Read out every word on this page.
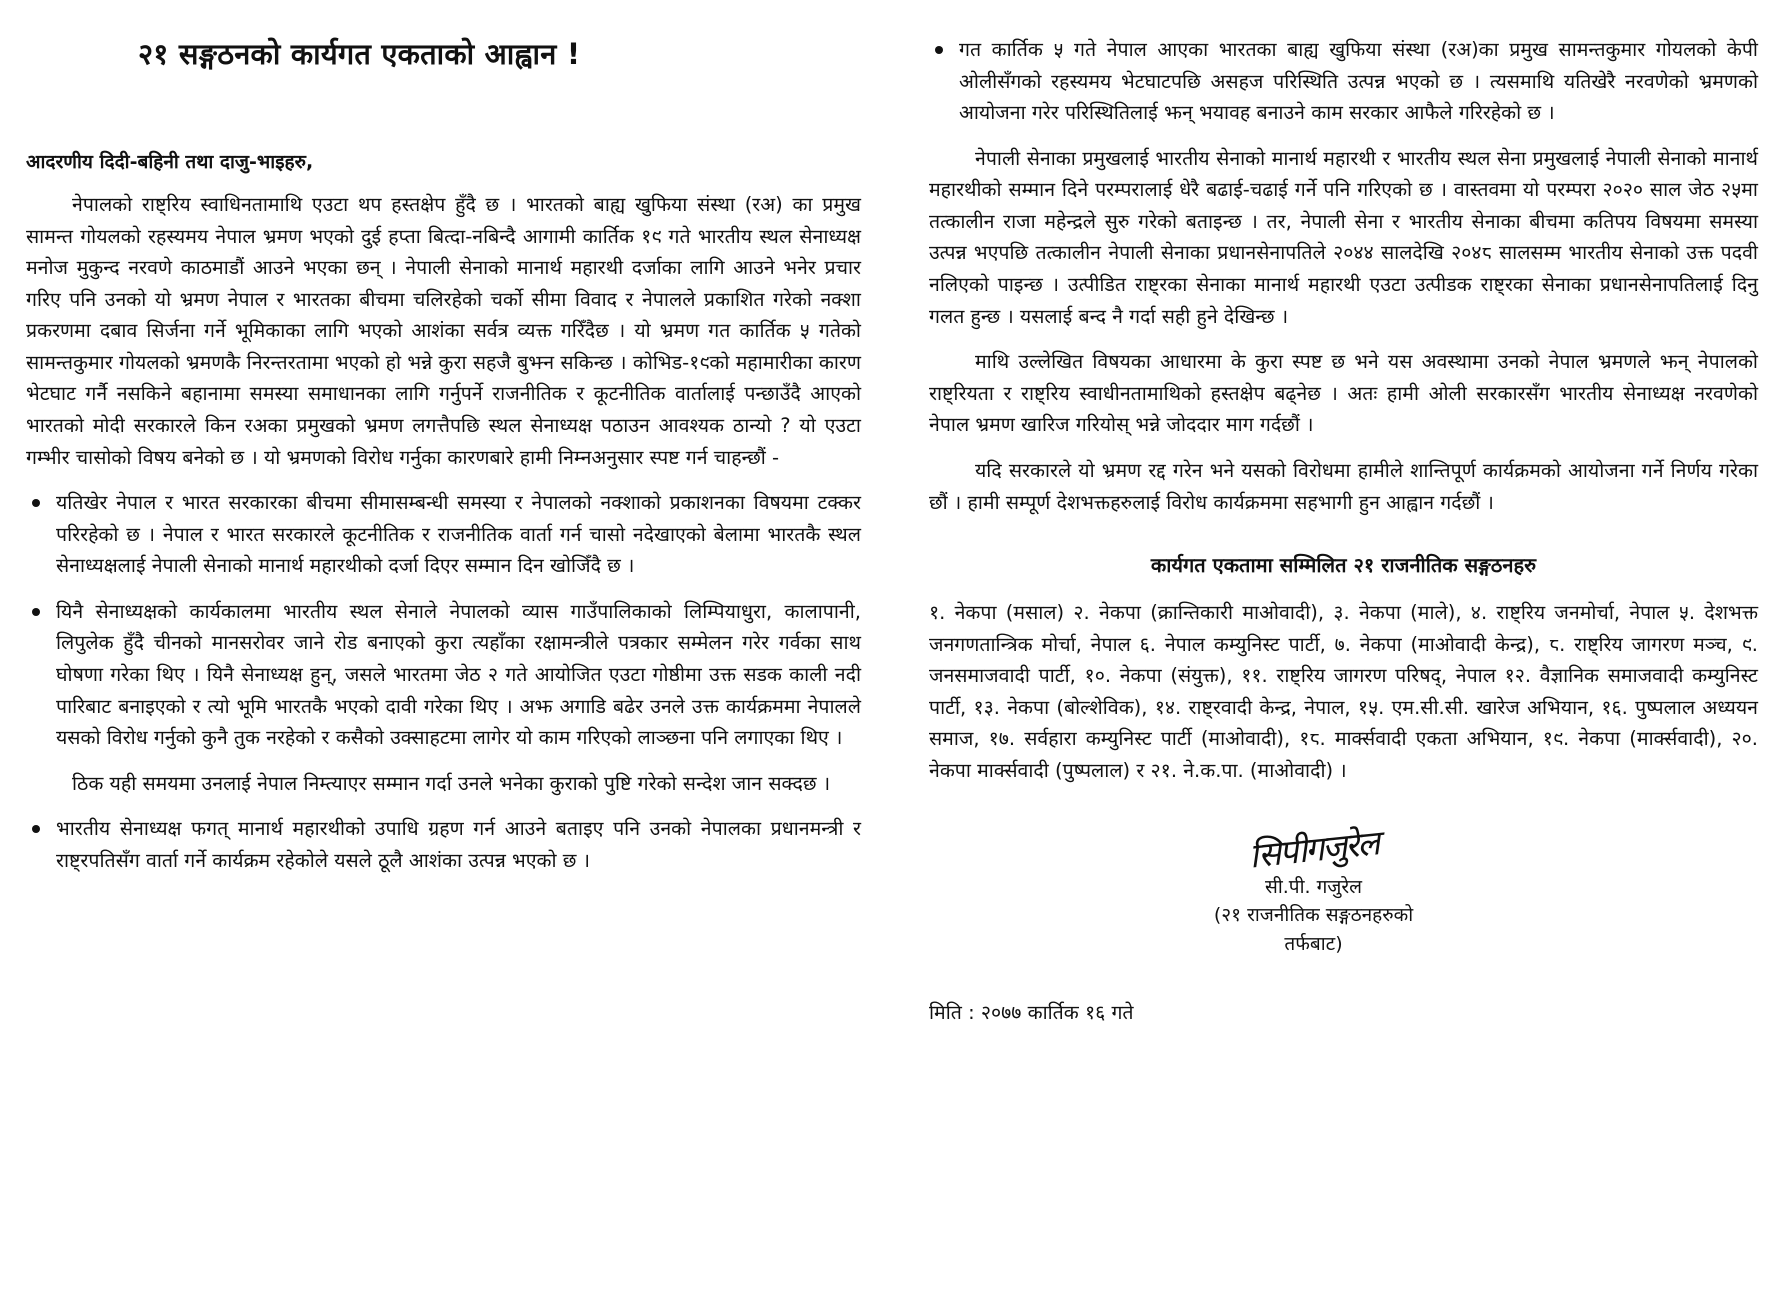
२१ सङ्गठनको कार्यगत एकताको आह्वान !

आदरणीय दिदी-बहिनी तथा दाजु-भाइहरु,

नेपालको राष्ट्रिय स्वाधिनतामाथि एउटा थप हस्तक्षेप हुँदै छ । भारतको बाह्य खुफिया संस्था (रअ) का प्रमुख सामन्त गोयलको रहस्यमय नेपाल भ्रमण भएको दुई हप्ता बित्दा-नबिन्दै आगामी कार्तिक १९ गते भारतीय स्थल सेनाध्यक्ष मनोज मुकुन्द नरवणे काठमाडौं आउने भएका छन् । नेपाली सेनाको मानार्थ महारथी दर्जाका लागि आउने भनेर प्रचार गरिए पनि उनको यो भ्रमण नेपाल र भारतका बीचमा चलिरहेको चर्को सीमा विवाद र नेपालले प्रकाशित गरेको नक्शा प्रकरणमा दबाव सिर्जना गर्ने भूमिकाका लागि भएको आशंका सर्वत्र व्यक्त गरिँदैछ । यो भ्रमण गत कार्तिक ५ गतेको सामन्तकुमार गोयलको भ्रमणकै निरन्तरतामा भएको हो भन्ने कुरा सहजै बुझ्न सकिन्छ । कोभिड-१९को महामारीका कारण भेटघाट गर्नै नसकिने बहानामा समस्या समाधानका लागि गर्नुपर्ने राजनीतिक र कूटनीतिक वार्तालाई पन्छाउँदै आएको भारतको मोदी सरकारले किन रअका प्रमुखको भ्रमण लगत्तैपछि स्थल सेनाध्यक्ष पठाउन आवश्यक ठान्यो ? यो एउटा गम्भीर चासोको विषय बनेको छ । यो भ्रमणको विरोध गर्नुका कारणबारे हामी निम्नअनुसार स्पष्ट गर्न चाहन्छौं -

यतिखेर नेपाल र भारत सरकारका बीचमा सीमासम्बन्धी समस्या र नेपालको नक्शाको प्रकाशनका विषयमा टक्कर परिरहेको छ । नेपाल र भारत सरकारले कूटनीतिक र राजनीतिक वार्ता गर्न चासो नदेखाएको बेलामा भारतकै स्थल सेनाध्यक्षलाई नेपाली सेनाको मानार्थ महारथीको दर्जा दिएर सम्मान दिन खोजिँदै छ ।
यिनै सेनाध्यक्षको कार्यकालमा भारतीय स्थल सेनाले नेपालको व्यास गाउँपालिकाको लिम्पियाधुरा, कालापानी, लिपुलेक हुँदै चीनको मानसरोवर जाने रोड बनाएको कुरा त्यहाँका रक्षामन्त्रीले पत्रकार सम्मेलन गरेर गर्वका साथ घोषणा गरेका थिए । यिनै सेनाध्यक्ष हुन्, जसले भारतमा जेठ २ गते आयोजित एउटा गोष्ठीमा उक्त सडक काली नदी पारिबाट बनाइएको र त्यो भूमि भारतकै भएको दावी गरेका थिए । अझ अगाडि बढेर उनले उक्त कार्यक्रममा नेपालले यसको विरोध गर्नुको कुनै तुक नरहेको र कसैको उक्साहटमा लागेर यो काम गरिएको लाञ्छना पनि लगाएका थिए ।

ठिक यही समयमा उनलाई नेपाल निम्त्याएर सम्मान गर्दा उनले भनेका कुराको पुष्टि गरेको सन्देश जान सक्दछ ।

भारतीय सेनाध्यक्ष फगत् मानार्थ महारथीको उपाधि ग्रहण गर्न आउने बताइए पनि उनको नेपालका प्रधानमन्त्री र राष्ट्रपतिसँग वार्ता गर्ने कार्यक्रम रहेकोले यसले ठूलै आशंका उत्पन्न भएको छ ।
गत कार्तिक ५ गते नेपाल आएका भारतका बाह्य खुफिया संस्था (रअ)का प्रमुख सामन्तकुमार गोयलको केपी ओलीसँगको रहस्यमय भेटघाटपछि असहज परिस्थिति उत्पन्न भएको छ । त्यसमाथि यतिखेरै नरवणेको भ्रमणको आयोजना गरेर परिस्थितिलाई झन् भयावह बनाउने काम सरकार आफैले गरिरहेको छ ।

नेपाली सेनाका प्रमुखलाई भारतीय सेनाको मानार्थ महारथी र भारतीय स्थल सेना प्रमुखलाई नेपाली सेनाको मानार्थ महारथीको सम्मान दिने परम्परालाई धेरै बढाई-चढाई गर्ने पनि गरिएको छ । वास्तवमा यो परम्परा २०२० साल जेठ २५मा तत्कालीन राजा महेन्द्रले सुरु गरेको बताइन्छ । तर, नेपाली सेना र भारतीय सेनाका बीचमा कतिपय विषयमा समस्या उत्पन्न भएपछि तत्कालीन नेपाली सेनाका प्रधानसेनापतिले २०४४ सालदेखि २०४८ सालसम्म भारतीय सेनाको उक्त पदवी नलिएको पाइन्छ । उत्पीडित राष्ट्रका सेनाका मानार्थ महारथी एउटा उत्पीडक राष्ट्रका सेनाका प्रधानसेनापतिलाई दिनु गलत हुन्छ । यसलाई बन्द नै गर्दा सही हुने देखिन्छ ।

माथि उल्लेखित विषयका आधारमा के कुरा स्पष्ट छ भने यस अवस्थामा उनको नेपाल भ्रमणले झन् नेपालको राष्ट्रियता र राष्ट्रिय स्वाधीनतामाथिको हस्तक्षेप बढ्नेछ । अतः हामी ओली सरकारसँग भारतीय सेनाध्यक्ष नरवणेको नेपाल भ्रमण खारिज गरियोस् भन्ने जोददार माग गर्दछौं ।

यदि सरकारले यो भ्रमण रद्द गरेन भने यसको विरोधमा हामीले शान्तिपूर्ण कार्यक्रमको आयोजना गर्ने निर्णय गरेका छौं । हामी सम्पूर्ण देशभक्तहरुलाई विरोध कार्यक्रममा सहभागी हुन आह्वान गर्दछौं ।

कार्यगत एकतामा सम्मिलित २१ राजनीतिक सङ्गठनहरु

१. नेकपा (मसाल) २. नेकपा (क्रान्तिकारी माओवादी), ३. नेकपा (माले), ४. राष्ट्रिय जनमोर्चा, नेपाल ५. देशभक्त जनगणतान्त्रिक मोर्चा, नेपाल ६. नेपाल कम्युनिस्ट पार्टी, ७. नेकपा (माओवादी केन्द्र), ८. राष्ट्रिय जागरण मञ्च, ९. जनसमाजवादी पार्टी, १०. नेकपा (संयुक्त), ११. राष्ट्रिय जागरण परिषद्, नेपाल १२. वैज्ञानिक समाजवादी कम्युनिस्ट पार्टी, १३. नेकपा (बोल्शेविक), १४. राष्ट्रवादी केन्द्र, नेपाल, १५. एम.सी.सी. खारेज अभियान, १६. पुष्पलाल अध्ययन समाज, १७. सर्वहारा कम्युनिस्ट पार्टी (माओवादी), १८. मार्क्सवादी एकता अभियान, १९. नेकपा (मार्क्सवादी), २०. नेकपा मार्क्सवादी (पुष्पलाल) र २१. ने.क.पा. (माओवादी) ।

सिपीगजुरेल
सी.पी. गजुरेल
(२१ राजनीतिक सङ्गठनहरुको
तर्फबाट)
मिति : २०७७ कार्तिक १६ गते
